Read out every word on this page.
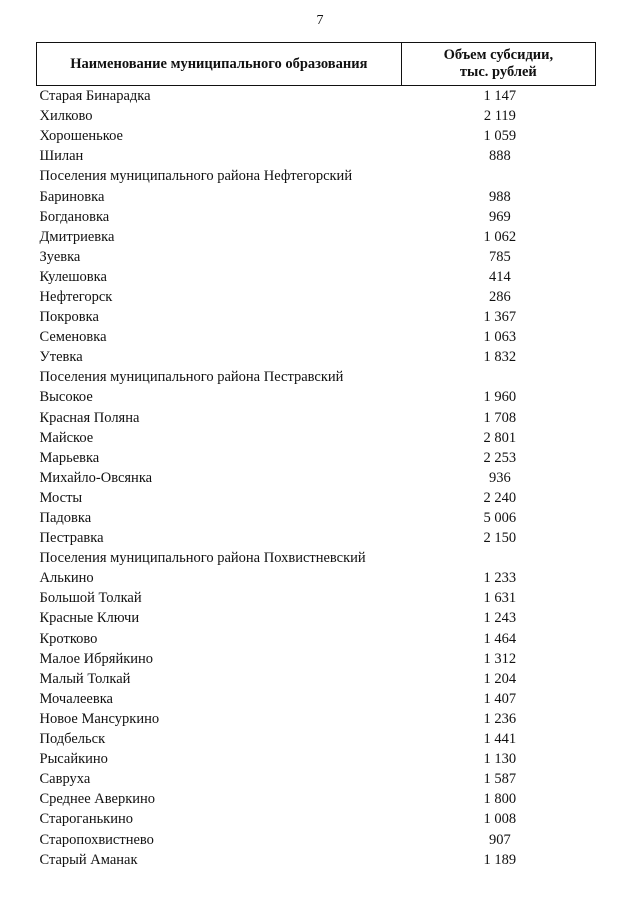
7
Наименование муниципального образования	Объем субсидии,
тыс. рублей

Старая Бинарадка	1 147
Хилково	2 119
Хорошенькое	1 059
Шилан	888
Поселения муниципального района Нефтегорский	
Бариновка	988
Богдановка	969
Дмитриевка	1 062
Зуевка	785
Кулешовка	414
Нефтегорск	286
Покровка	1 367
Семеновка	1 063
Утевка	1 832
Поселения муниципального района Пестравский	
Высокое	1 960
Красная Поляна	1 708
Майское	2 801
Марьевка	2 253
Михайло-Овсянка	936
Мосты	2 240
Падовка	5 006
Пестравка	2 150
Поселения муниципального района Похвистневский	
Алькино	1 233
Большой Толкай	1 631
Красные Ключи	1 243
Кротково	1 464
Малое Ибряйкино	1 312
Малый Толкай	1 204
Мочалеевка	1 407
Новое Мансуркино	1 236
Подбельск	1 441
Рысайкино	1 130
Савруха	1 587
Среднее Аверкино	1 800
Староганькино	1 008
Старопохвистнево	907
Старый Аманак	1 189
